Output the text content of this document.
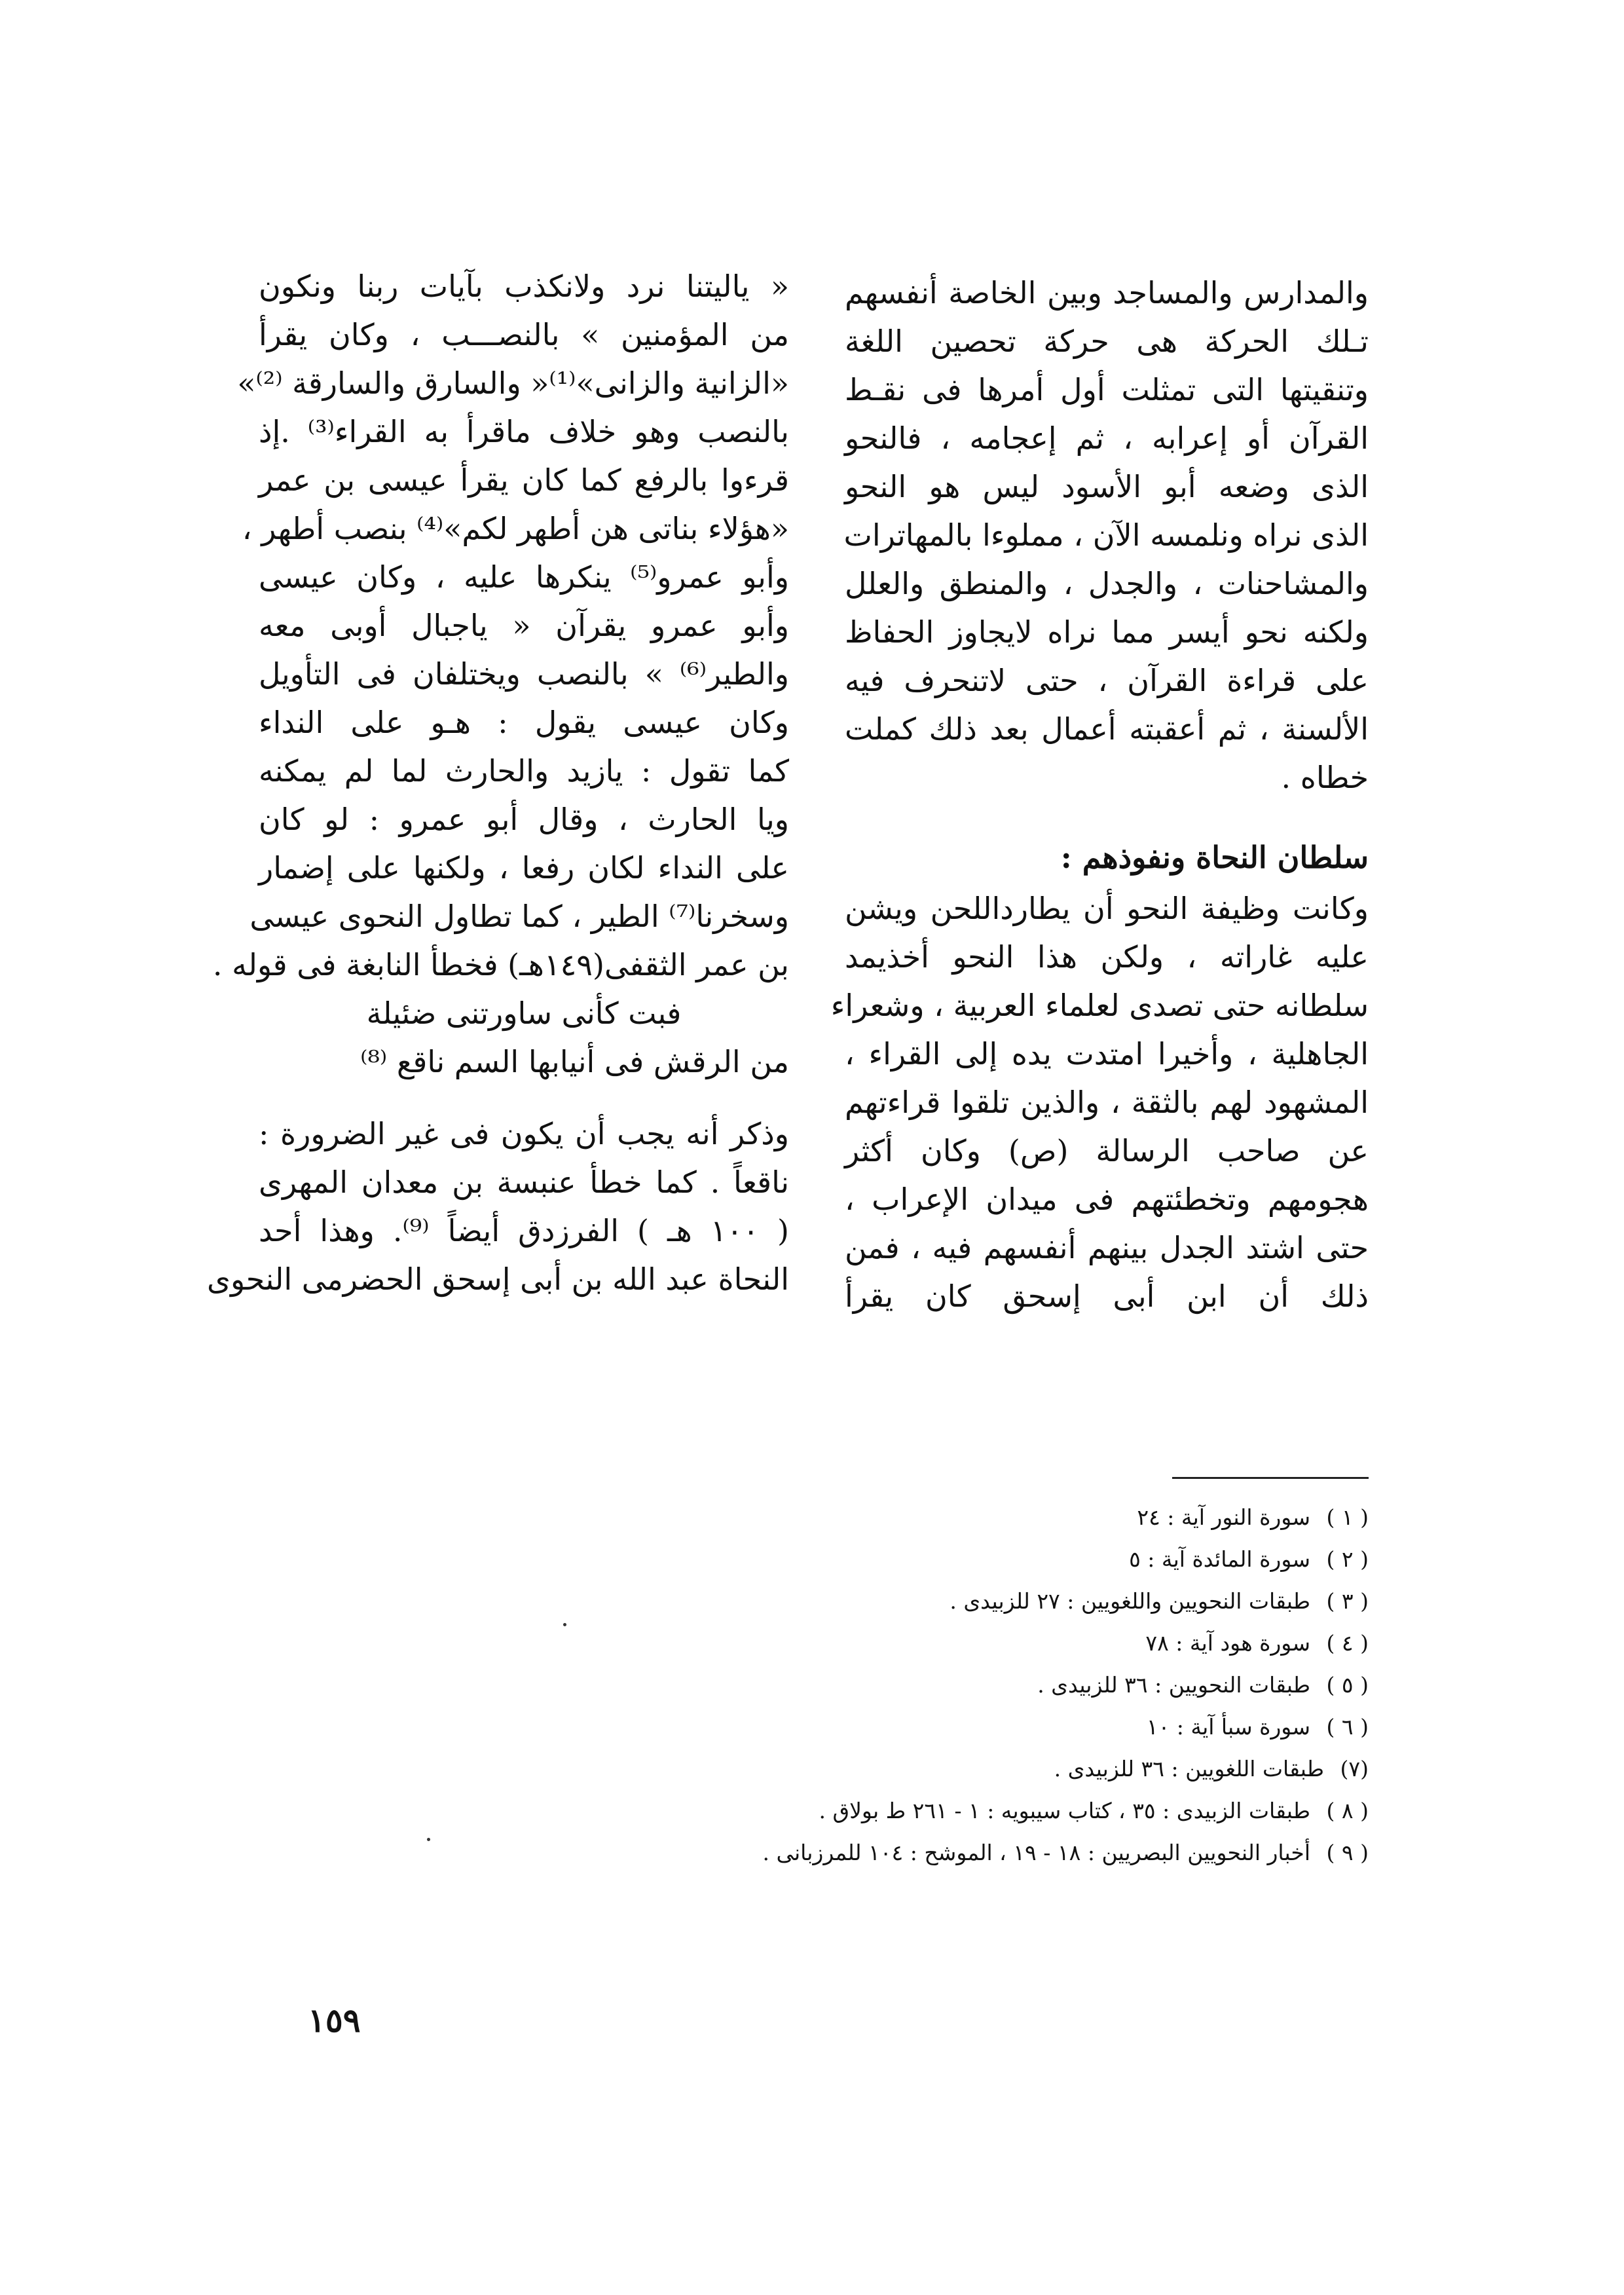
والمدارس والمساجد وبين الخاصة أنفسهم
تـلك الحركة هى حركة تحصين اللغة
وتنقيتها التى تمثلت أول أمرها فى نقـط
القرآن أو إعرابه ، ثم إعجامه ، فالنحو
الذى وضعه أبو الأسود ليس هو النحو
الذى نراه ونلمسه الآن ، مملوءا بالمهاترات
والمشاحنات ، والجدل ، والمنطق والعلل
ولكنه نحو أيسر مما نراه لايجاوز الحفاظ
على قراءة القرآن ، حتى لاتنحرف فيه
الألسنة ، ثم أعقبته أعمال بعد ذلك كملت
خطاه .
سلطان النحاة ونفوذهم :
وكانت وظيفة النحو أن يطارداللحن ويشن
عليه غاراته ، ولكن هذا النحو أخذيمد
سلطانه حتى تصدى لعلماء العربية ، وشعراء
الجاهلية ، وأخيرا امتدت يده إلى القراء ،
المشهود لهم بالثقة ، والذين تلقوا قراءتهم
عن صاحب الرسالة (ص) وكان أكثر
هجومهم وتخطئتهم فى ميدان الإعراب ،
حتى اشتد الجدل بينهم أنفسهم فيه ، فمن
ذلك أن ابن أبى إسحق كان يقرأ
« ياليتنا نرد ولانكذب بآيات ربنا ونكون
من المؤمنين » بالنصـــب ، وكان يقرأ
«الزانية والزانى»⁽¹⁾« والسارق والسارقة ⁽²⁾»
بالنصب وهو خلاف ماقرأ به القراء⁽³⁾ .إذ
قرءوا بالرفع كما كان يقرأ عيسى بن عمر
«هؤلاء بناتى هن أطهر لكم»⁽⁴⁾ بنصب أطهر ،
وأبو عمرو⁽⁵⁾ ينكرها عليه ، وكان عيسى
وأبو عمرو يقرآن « ياجبال أوبى معه
والطير⁽⁶⁾ » بالنصب ويختلفان فى التأويل
وكان عيسى يقول : هـو على النداء
كما تقول : يازيد والحارث لما لم يمكنه
ويا الحارث ، وقال أبو عمرو : لو كان
على النداء لكان رفعا ، ولكنها على إضمار
وسخرنا⁽⁷⁾ الطير ، كما تطاول النحوى عيسى
بن عمر الثقفى(١٤٩هـ) فخطأ النابغة فى قوله .
فبت كأنى ساورتنى ضئيلة
من الرقش فى أنيابها السم ناقع ⁽⁸⁾
وذكر أنه يجب أن يكون فى غير الضرورة :
ناقعاً . كما خطأ عنبسة بن معدان المهرى
( ١٠٠ هـ ) الفرزدق أيضاً ⁽⁹⁾. وهذا أحد
النحاة عبد الله بن أبى إسحق الحضرمى النحوى
( ١ ) سورة النور آية : ٢٤
( ٢ ) سورة المائدة آية : ٥
( ٣ ) طبقات النحويين واللغويين : ٢٧ للزبيدى .
( ٤ ) سورة هود آية : ٧٨
( ٥ ) طبقات النحويين : ٣٦ للزبيدى .
( ٦ ) سورة سبأ آية : ١٠
(٧) طبقات اللغويين : ٣٦ للزبيدى .
( ٨ ) طبقات الزبيدى : ٣٥ ، كتاب سيبويه : ١ - ٢٦١ ط بولاق .
( ٩ ) أخبار النحويين البصريين : ١٨ - ١٩ ، الموشح : ١٠٤ للمرزبانى .
١٥٩
